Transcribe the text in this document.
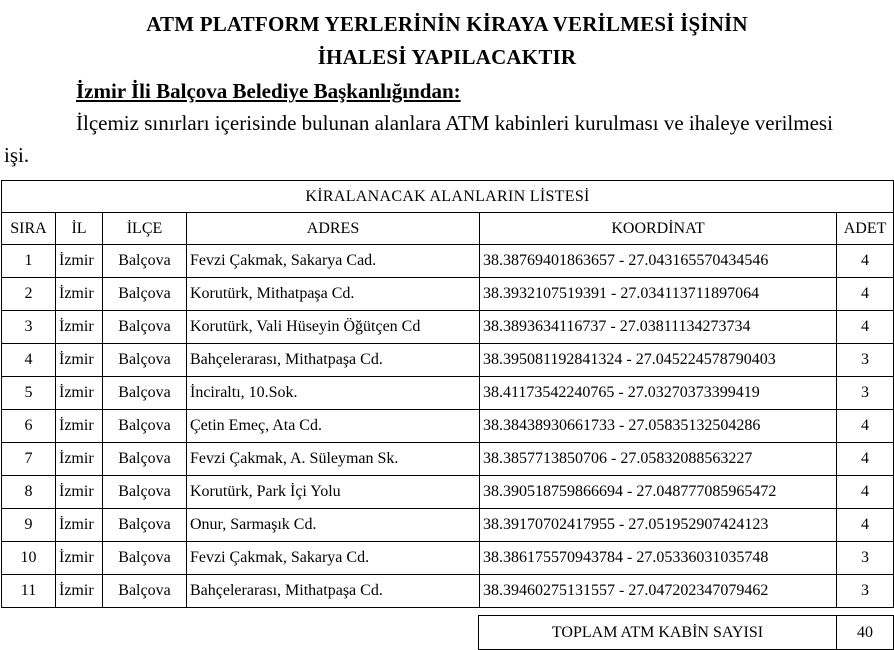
ATM PLATFORM YERLERİNİN KİRAYA VERİLMESİ İŞİNİN
İHALESİ YAPILACAKTIR
İzmir İli Balçova Belediye Başkanlığından:
İlçemiz sınırları içerisinde bulunan alanlara ATM kabinleri kurulması ve ihaleye verilmesi
işi.
KİRALANACAK ALANLARIN LİSTESİ					
SIRA	İL	İLÇE	ADRES	KOORDİNAT	ADET
1	İzmir	Balçova	Fevzi Çakmak, Sakarya Cad.	38.38769401863657 - 27.043165570434546	4
2	İzmir	Balçova	Korutürk, Mithatpaşa Cd.	38.3932107519391 - 27.034113711897064	4
3	İzmir	Balçova	Korutürk, Vali Hüseyin Öğütçen Cd	38.3893634116737 - 27.03811134273734	4
4	İzmir	Balçova	Bahçelerarası, Mithatpaşa Cd.	38.395081192841324 - 27.045224578790403	3
5	İzmir	Balçova	İnciraltı, 10.Sok.	38.41173542240765 - 27.03270373399419	3
6	İzmir	Balçova	Çetin Emeç, Ata Cd.	38.38438930661733 - 27.05835132504286	4
7	İzmir	Balçova	Fevzi Çakmak, A. Süleyman Sk.	38.3857713850706 - 27.05832088563227	4
8	İzmir	Balçova	Korutürk, Park İçi Yolu	38.390518759866694 - 27.048777085965472	4
9	İzmir	Balçova	Onur, Sarmaşık Cd.	38.39170702417955 - 27.051952907424123	4
10	İzmir	Balçova	Fevzi Çakmak, Sakarya Cd.	38.386175570943784 - 27.05336031035748	3
11	İzmir	Balçova	Bahçelerarası, Mithatpaşa Cd.	38.39460275131557 - 27.047202347079462	3
TOPLAM ATM KABİN SAYISI	40
